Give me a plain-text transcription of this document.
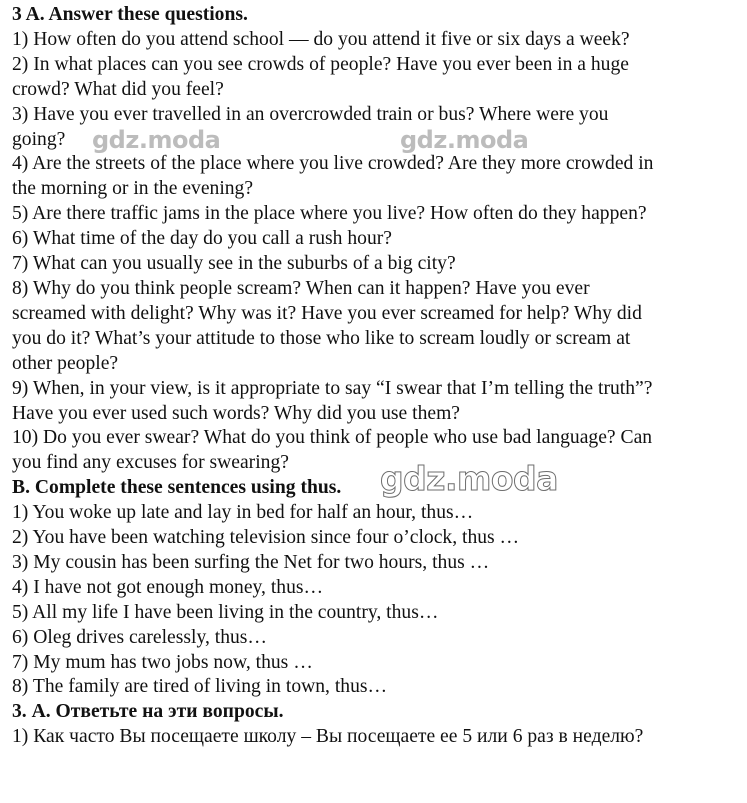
3 A. Answer these questions.
1) How often do you attend school — do you attend it five or six days a week?
2) In what places can you see crowds of people? Have you ever been in a huge
crowd? What did you feel?
3) Have you ever travelled in an overcrowded train or bus? Where were you
going?
4) Are the streets of the place where you live crowded? Are they more crowded in
the morning or in the evening?
5) Are there traffic jams in the place where you live? How often do they happen?
6) What time of the day do you call a rush hour?
7) What can you usually see in the suburbs of a big city?
8) Why do you think people scream? When can it happen? Have you ever
screamed with delight? Why was it? Have you ever screamed for help? Why did
you do it? What’s your attitude to those who like to scream loudly or scream at
other people?
9) When, in your view, is it appropriate to say “I swear that I’m telling the truth”?
Have you ever used such words? Why did you use them?
10) Do you ever swear? What do you think of people who use bad language? Can
you find any excuses for swearing?
B. Complete these sentences using thus.
1) You woke up late and lay in bed for half an hour, thus…
2) You have been watching television since four o’clock, thus …
3) My cousin has been surfing the Net for two hours, thus …
4) I have not got enough money, thus…
5) All my life I have been living in the country, thus…
6) Oleg drives carelessly, thus…
7) My mum has two jobs now, thus …
8) The family are tired of living in town, thus…
3. А. Ответьте на эти вопросы.
1) Как часто Вы посещаете школу – Вы посещаете ее 5 или 6 раз в неделю?
gdz.moda	gdz.moda
gdz.moda
